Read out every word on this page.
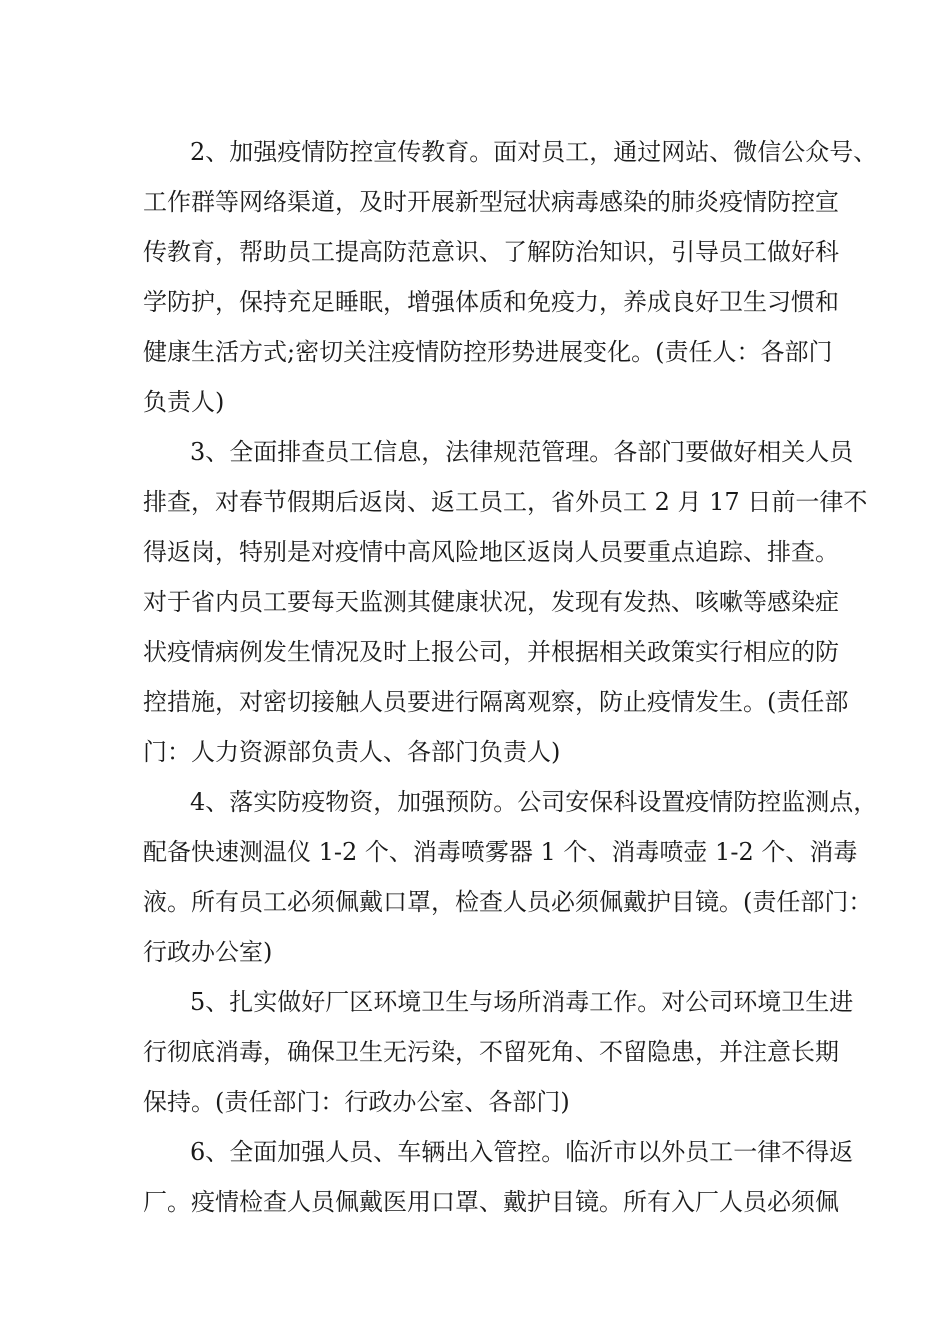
2、加强疫情防控宣传教育。面对员工，通过网站、微信公众号、
工作群等网络渠道，及时开展新型冠状病毒感染的肺炎疫情防控宣
传教育，帮助员工提高防范意识、了解防治知识，引导员工做好科
学防护，保持充足睡眠，增强体质和免疫力，养成良好卫生习惯和
健康生活方式;密切关注疫情防控形势进展变化。(责任人：各部门
负责人)
3、全面排查员工信息，法律规范管理。各部门要做好相关人员
排查，对春节假期后返岗、返工员工，省外员工 2 月 17 日前一律不
得返岗，特别是对疫情中高风险地区返岗人员要重点追踪、排查。
对于省内员工要每天监测其健康状况，发现有发热、咳嗽等感染症
状疫情病例发生情况及时上报公司，并根据相关政策实行相应的防
控措施，对密切接触人员要进行隔离观察，防止疫情发生。(责任部
门：人力资源部负责人、各部门负责人)
4、落实防疫物资，加强预防。公司安保科设置疫情防控监测点，
配备快速测温仪 1-2 个、消毒喷雾器 1 个、消毒喷壶 1-2 个、消毒
液。所有员工必须佩戴口罩，检查人员必须佩戴护目镜。(责任部门：
行政办公室)
5、扎实做好厂区环境卫生与场所消毒工作。对公司环境卫生进
行彻底消毒，确保卫生无污染，不留死角、不留隐患，并注意长期
保持。(责任部门：行政办公室、各部门)
6、全面加强人员、车辆出入管控。临沂市以外员工一律不得返
厂。疫情检查人员佩戴医用口罩、戴护目镜。所有入厂人员必须佩
